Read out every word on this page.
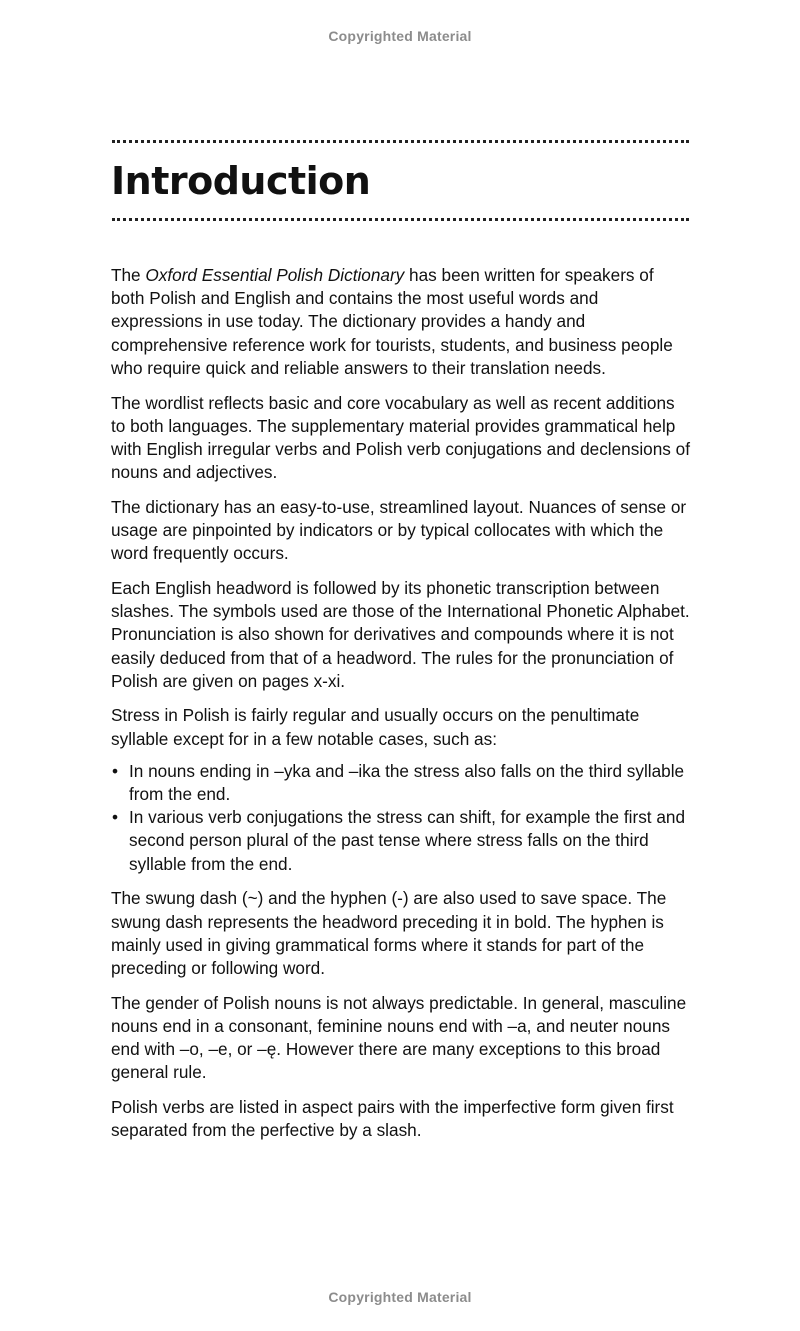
Copyrighted Material
Introduction

The Oxford Essential Polish Dictionary has been written for speakers of both Polish and English and contains the most useful words and expressions in use today. The dictionary provides a handy and comprehensive reference work for tourists, students, and business people who require quick and reliable answers to their translation needs.

The wordlist reflects basic and core vocabulary as well as recent additions to both languages. The supplementary material provides grammatical help with English irregular verbs and Polish verb conjugations and declensions of nouns and adjectives.

The dictionary has an easy-to-use, streamlined layout. Nuances of sense or usage are pinpointed by indicators or by typical collocates with which the word frequently occurs.

Each English headword is followed by its phonetic transcription between slashes. The symbols used are those of the International Phonetic Alphabet. Pronunciation is also shown for derivatives and compounds where it is not easily deduced from that of a headword. The rules for the pronunciation of Polish are given on pages x-xi.

Stress in Polish is fairly regular and usually occurs on the penultimate syllable except for in a few notable cases, such as:

• In nouns ending in –yka and –ika the stress also falls on the third syllable from the end.
• In various verb conjugations the stress can shift, for example the first and second person plural of the past tense where stress falls on the third syllable from the end.

The swung dash (~) and the hyphen (-) are also used to save space. The swung dash represents the headword preceding it in bold. The hyphen is mainly used in giving grammatical forms where it stands for part of the preceding or following word.

The gender of Polish nouns is not always predictable. In general, masculine nouns end in a consonant, feminine nouns end with –a, and neuter nouns end with –o, –e, or –ę. However there are many exceptions to this broad general rule.

Polish verbs are listed in aspect pairs with the imperfective form given first separated from the perfective by a slash.

Copyrighted Material
